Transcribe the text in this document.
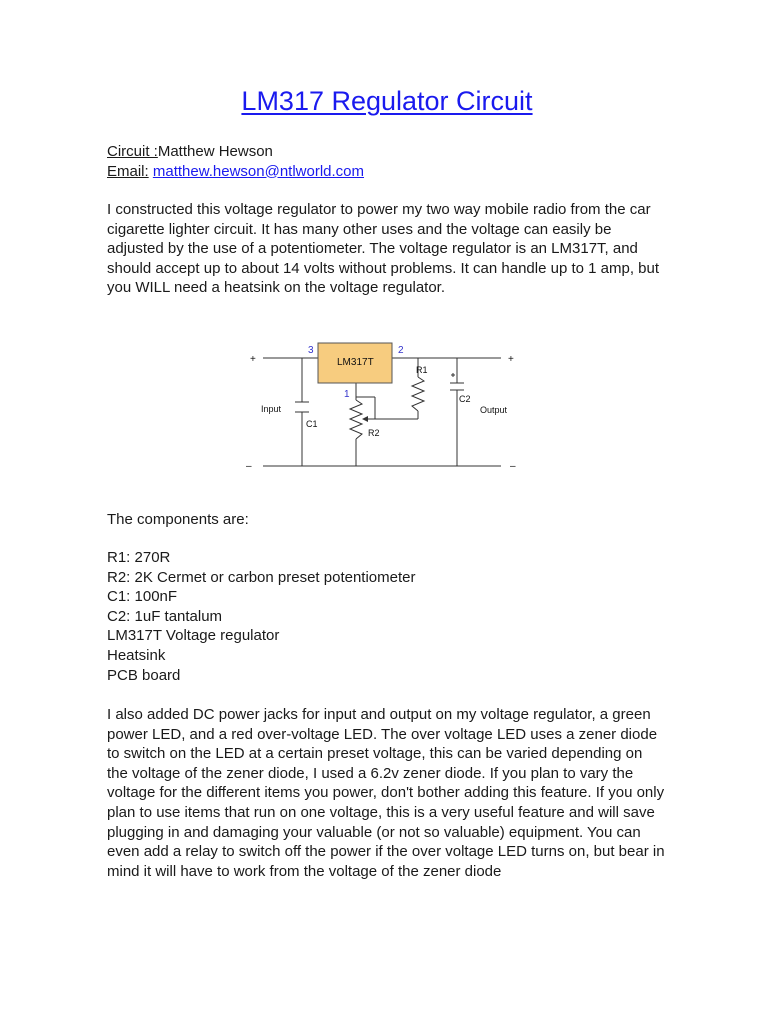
LM317 Regulator Circuit
Circuit :Matthew Hewson
Email: matthew.hewson@ntlworld.com

I constructed this voltage regulator to power my two way mobile radio from the car cigarette lighter circuit. It has many other uses and the voltage can easily be adjusted by the use of a potentiometer. The voltage regulator is an LM317T, and should accept up to about 14 volts without problems. It can handle up to 1 amp, but you WILL need a heatsink on the voltage regulator.

The components are:

R1: 270R
R2: 2K Cermet or carbon preset potentiometer
C1: 100nF
C2: 1uF tantalum
LM317T Voltage regulator
Heatsink
PCB board

I also added DC power jacks for input and output on my voltage regulator, a green power LED, and a red over-voltage LED. The over voltage LED uses a zener diode to switch on the LED at a certain preset voltage, this can be varied depending on the voltage of the zener diode, I used a 6.2v zener diode. If you plan to vary the voltage for the different items you power, don't bother adding this feature. If you only plan to use items that run on one voltage, this is a very useful feature and will save plugging in and damaging your valuable (or not so valuable) equipment. You can even add a relay to switch off the power if the over voltage LED turns on, but bear in mind it will have to work from the voltage of the zener diode

LM317T
3	2
1
R1
R2
C1
C2
Input	Output
+	+
–	–
